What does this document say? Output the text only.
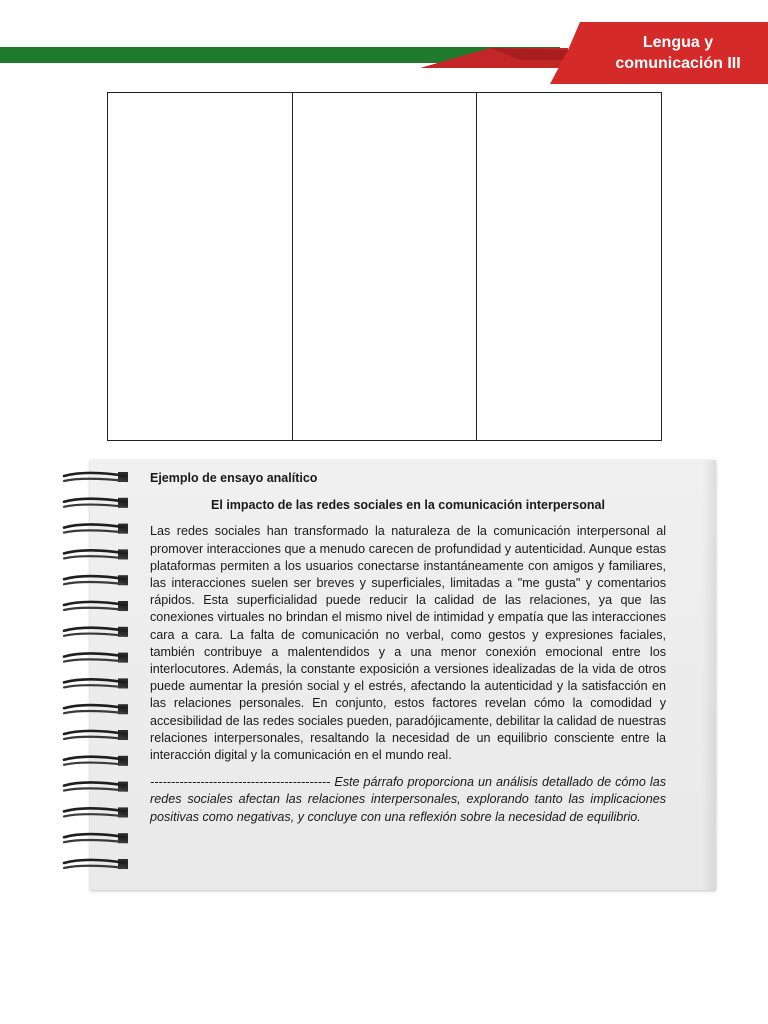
Lengua y
comunicación III

Ejemplo de ensayo analítico

El impacto de las redes sociales en la comunicación interpersonal

Las redes sociales han transformado la naturaleza de la comunicación interpersonal al promover interacciones que a menudo carecen de profundidad y autenticidad. Aunque estas plataformas permiten a los usuarios conectarse instantáneamente con amigos y familiares, las interacciones suelen ser breves y superficiales, limitadas a "me gusta" y comentarios rápidos. Esta superficialidad puede reducir la calidad de las relaciones, ya que las conexiones virtuales no brindan el mismo nivel de intimidad y empatía que las interacciones cara a cara. La falta de comunicación no verbal, como gestos y expresiones faciales, también contribuye a malentendidos y a una menor conexión emocional entre los interlocutores. Además, la constante exposición a versiones idealizadas de la vida de otros puede aumentar la presión social y el estrés, afectando la autenticidad y la satisfacción en las relaciones personales. En conjunto, estos factores revelan cómo la comodidad y accesibilidad de las redes sociales pueden, paradójicamente, debilitar la calidad de nuestras relaciones interpersonales, resaltando la necesidad de un equilibrio consciente entre la interacción digital y la comunicación en el mundo real.

------------------------------------------- Este párrafo proporciona un análisis detallado de cómo las redes sociales afectan las relaciones interpersonales, explorando tanto las implicaciones positivas como negativas, y concluye con una reflexión sobre la necesidad de equilibrio.
